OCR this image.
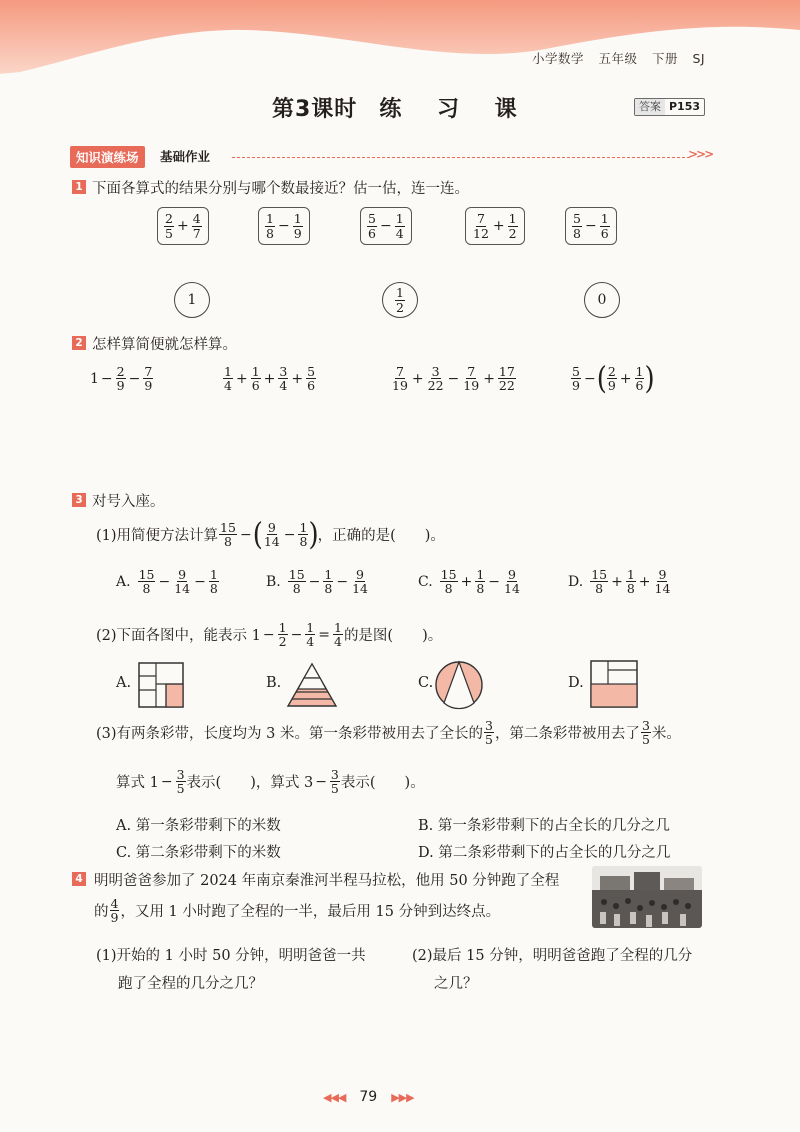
小学数学 五年级 下册 SJ
第3课时 练 习 课	答案 P153
知识演练场	基础作业	>>>
1 下面各算式的结果分别与哪个数最接近？估一估，连一连。
$\frac{2}{5} + \frac{4}{7}$	$\frac{1}{8} - \frac{1}{9}$	$\frac{5}{6} - \frac{1}{4}$	$\frac{7}{12} + \frac{1}{2}$	$\frac{5}{8} - \frac{1}{6}$
1	$\frac{1}{2}$	0
2 怎样算简便就怎样算。
$1 - \frac{2}{9} - \frac{7}{9}$	$\frac{1}{4} + \frac{1}{6} + \frac{3}{4} + \frac{5}{6}$	$\frac{7}{19} + \frac{3}{22} - \frac{7}{19} + \frac{17}{22}$	$\frac{5}{9}$ − ( $\frac{2}{9} + \frac{1}{6}$ )
3 对号入座。
(1)用简便方法计算 $\frac{15}{8}$ − ( $\frac{9}{14} - \frac{1}{8}$ ) ，正确的是(　　)。
A. $\frac{15}{8} - \frac{9}{14} - \frac{1}{8}$	B. $\frac{15}{8} - \frac{1}{8} - \frac{9}{14}$	C. $\frac{15}{8} + \frac{1}{8} - \frac{9}{14}$	D. $\frac{15}{8} + \frac{1}{8} + \frac{9}{14}$
(2)下面各图中，能表示 $1 - \frac{1}{2} - \frac{1}{4} = \frac{1}{4}$ 的是图(　　)。
A.	B.	C.	D.
(3)有两条彩带，长度均为 3 米。第一条彩带被用去了全长的 $\frac{3}{5}$ ，第二条彩带被用去了 $\frac{3}{5}$ 米。
算式 $1 - \frac{3}{5}$ 表示(　　)，算式 $3 - \frac{3}{5}$ 表示(　　)。
A. 第一条彩带剩下的米数	B. 第一条彩带剩下的占全长的几分之几
C. 第二条彩带剩下的米数	D. 第二条彩带剩下的占全长的几分之几
4 明明爸爸参加了 2024 年南京秦淮河半程马拉松，他用 50 分钟跑了全程
的 $\frac{4}{9}$ ，又用 1 小时跑了全程的一半，最后用 15 分钟到达终点。
(1)开始的 1 小时 50 分钟，明明爸爸一共
跑了全程的几分之几？
(2)最后 15 分钟，明明爸爸跑了全程的几分
之几？
◀◀◀ 79 ▶▶▶
